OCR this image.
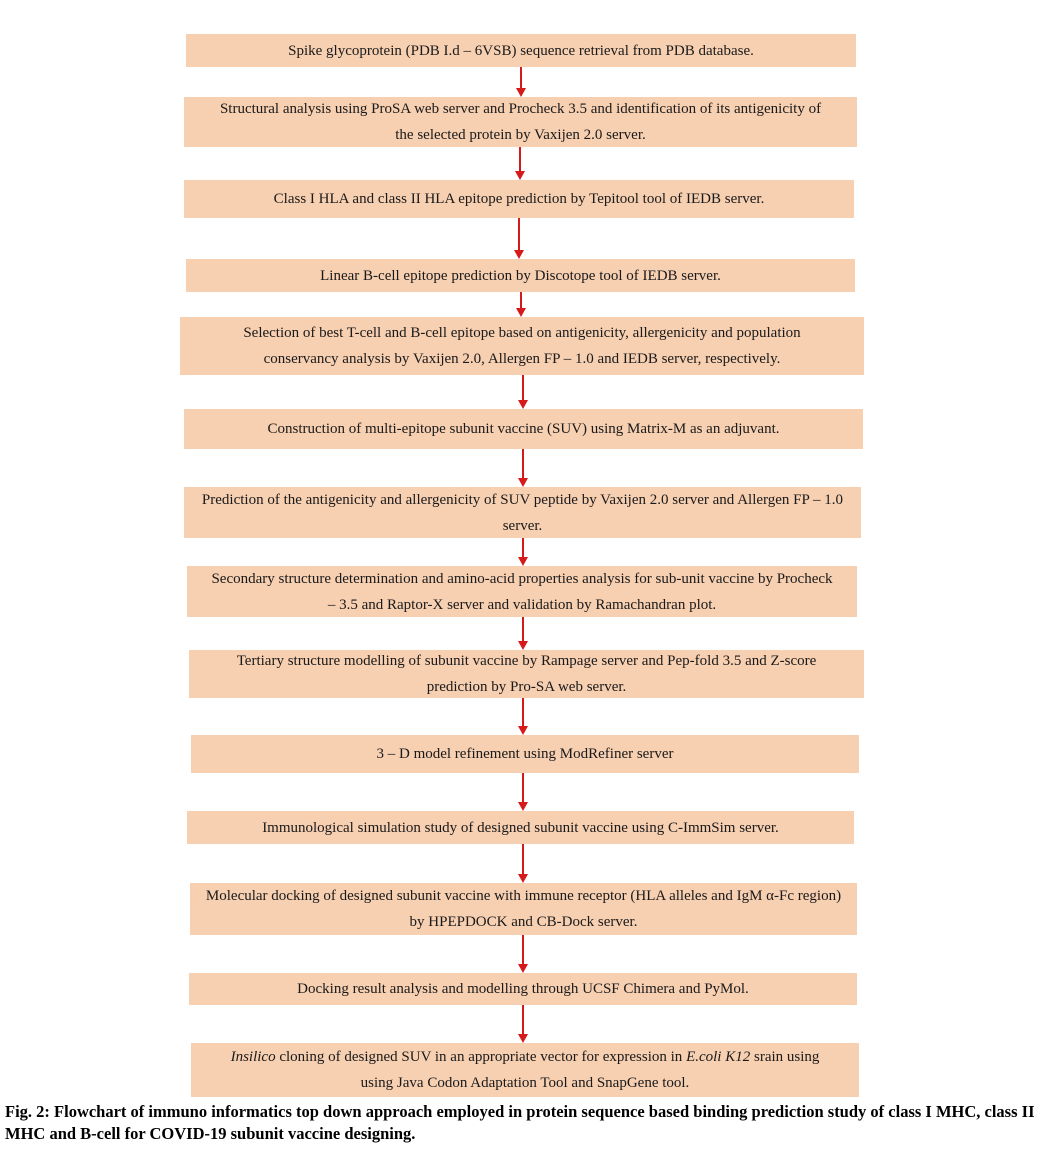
Spike glycoprotein (PDB I.d – 6VSB) sequence retrieval from PDB database.
Structural analysis using ProSA web server and Procheck 3.5 and identification of its antigenicity of the selected protein by Vaxijen 2.0 server.
Class I HLA and class II HLA epitope prediction by Tepitool tool of IEDB server.
Linear B-cell epitope prediction by Discotope tool of IEDB server.
Selection of best T-cell and B-cell epitope based on antigenicity, allergenicity and population conservancy analysis by Vaxijen 2.0, Allergen FP – 1.0 and IEDB server, respectively.
Construction of multi-epitope subunit vaccine (SUV) using Matrix-M as an adjuvant.
Prediction of the antigenicity and allergenicity of SUV peptide by Vaxijen 2.0 server and Allergen FP – 1.0 server.
Secondary structure determination and amino-acid properties analysis for sub-unit vaccine by Procheck – 3.5 and Raptor-X server and validation by Ramachandran plot.
Tertiary structure modelling of subunit vaccine by Rampage server and Pep-fold 3.5 and Z-score prediction by Pro-SA web server.
3 – D model refinement using ModRefiner server
Immunological simulation study of designed subunit vaccine using C-ImmSim server.
Molecular docking of designed subunit vaccine with immune receptor (HLA alleles and IgM α-Fc region) by HPEPDOCK and CB-Dock server.
Docking result analysis and modelling through UCSF Chimera and PyMol.
Insilico cloning of designed SUV in an appropriate vector for expression in E.coli K12 srain using
using Java Codon Adaptation Tool and SnapGene tool.
Fig. 2: Flowchart of immuno informatics top down approach employed in protein sequence based binding prediction study of class I MHC, class II MHC and B-cell for COVID-19 subunit vaccine designing.
